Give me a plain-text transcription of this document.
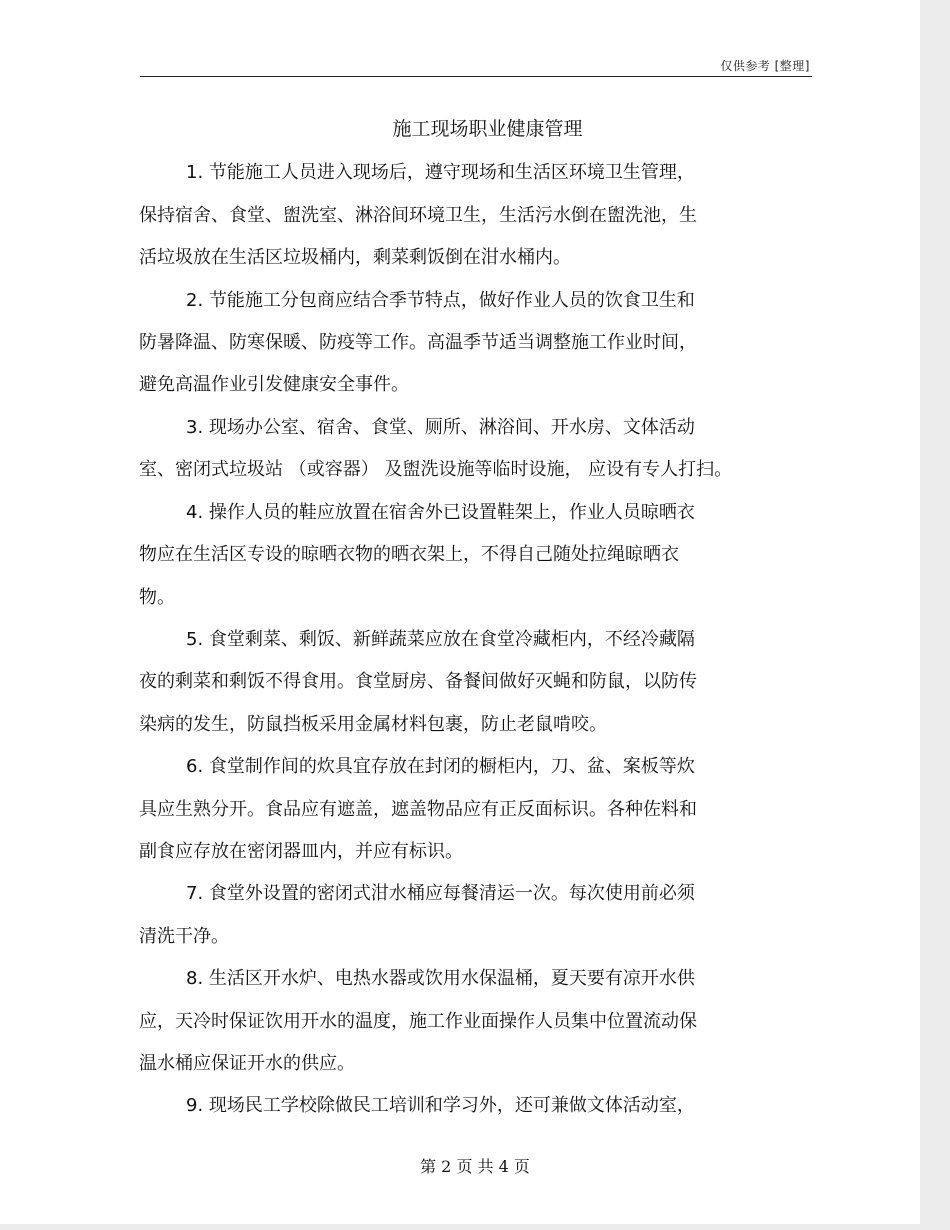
仅供参考 [整理]
施工现场职业健康管理
1. 节能施工人员进入现场后，遵守现场和生活区环境卫生管理，
保持宿舍、食堂、盥洗室、淋浴间环境卫生，生活污水倒在盥洗池，生
活垃圾放在生活区垃圾桶内，剩菜剩饭倒在泔水桶内。
2. 节能施工分包商应结合季节特点，做好作业人员的饮食卫生和
防暑降温、防寒保暖、防疫等工作。高温季节适当调整施工作业时间，
避免高温作业引发健康安全事件。
3. 现场办公室、宿舍、食堂、厕所、淋浴间、开水房、文体活动
室、密闭式垃圾站 （或容器） 及盥洗设施等临时设施， 应设有专人打扫。
4. 操作人员的鞋应放置在宿舍外已设置鞋架上，作业人员晾晒衣
物应在生活区专设的晾晒衣物的晒衣架上，不得自己随处拉绳晾晒衣
物。
5. 食堂剩菜、剩饭、新鲜蔬菜应放在食堂冷藏柜内，不经冷藏隔
夜的剩菜和剩饭不得食用。食堂厨房、备餐间做好灭蝇和防鼠，以防传
染病的发生，防鼠挡板采用金属材料包裹，防止老鼠啃咬。
6. 食堂制作间的炊具宜存放在封闭的橱柜内，刀、盆、案板等炊
具应生熟分开。食品应有遮盖，遮盖物品应有正反面标识。各种佐料和
副食应存放在密闭器皿内，并应有标识。
7. 食堂外设置的密闭式泔水桶应每餐清运一次。每次使用前必须
清洗干净。
8. 生活区开水炉、电热水器或饮用水保温桶，夏天要有凉开水供
应，天冷时保证饮用开水的温度，施工作业面操作人员集中位置流动保
温水桶应保证开水的供应。
9. 现场民工学校除做民工培训和学习外，还可兼做文体活动室，
第 2 页 共 4 页
